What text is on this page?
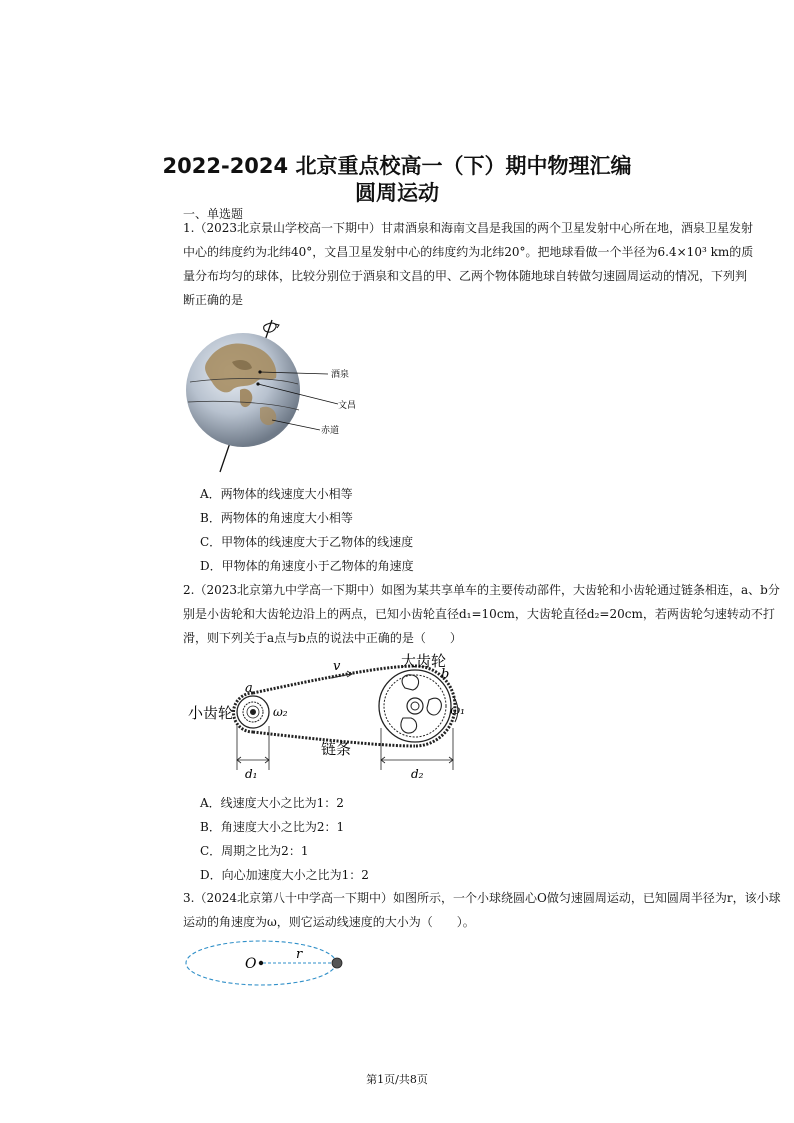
2022-2024 北京重点校高一（下）期中物理汇编
圆周运动
一、单选题

1.（2023北京景山学校高一下期中）甘肃酒泉和海南文昌是我国的两个卫星发射中心所在地，酒泉卫星发射中心的纬度约为北纬40°，文昌卫星发射中心的纬度约为北纬20°。把地球看做一个半径为6.4×10³ km的质量分布均匀的球体，比较分别位于酒泉和文昌的甲、乙两个物体随地球自转做匀速圆周运动的情况，下列判断正确的是

酒泉
文昌
赤道
A．两物体的线速度大小相等
B．两物体的角速度大小相等
C．甲物体的线速度大于乙物体的线速度
D．甲物体的角速度小于乙物体的角速度

2.（2023北京第九中学高一下期中）如图为某共享单车的主要传动部件，大齿轮和小齿轮通过链条相连，a、b分别是小齿轮和大齿轮边沿上的两点，已知小齿轮直径d₁=10cm，大齿轮直径d₂=20cm，若两齿轮匀速转动不打滑，则下列关于a点与b点的说法中正确的是（　　）

v	大齿轮
b
小齿轮
a
ω₂	ω₁
链条
d₁	d₂
A．线速度大小之比为1：2
B．角速度大小之比为2：1
C．周期之比为2：1
D．向心加速度大小之比为1：2

3.（2024北京第八十中学高一下期中）如图所示，一个小球绕圆心O做匀速圆周运动，已知圆周半径为r，该小球运动的角速度为ω，则它运动线速度的大小为（　　）。

O
r
第1页/共8页
